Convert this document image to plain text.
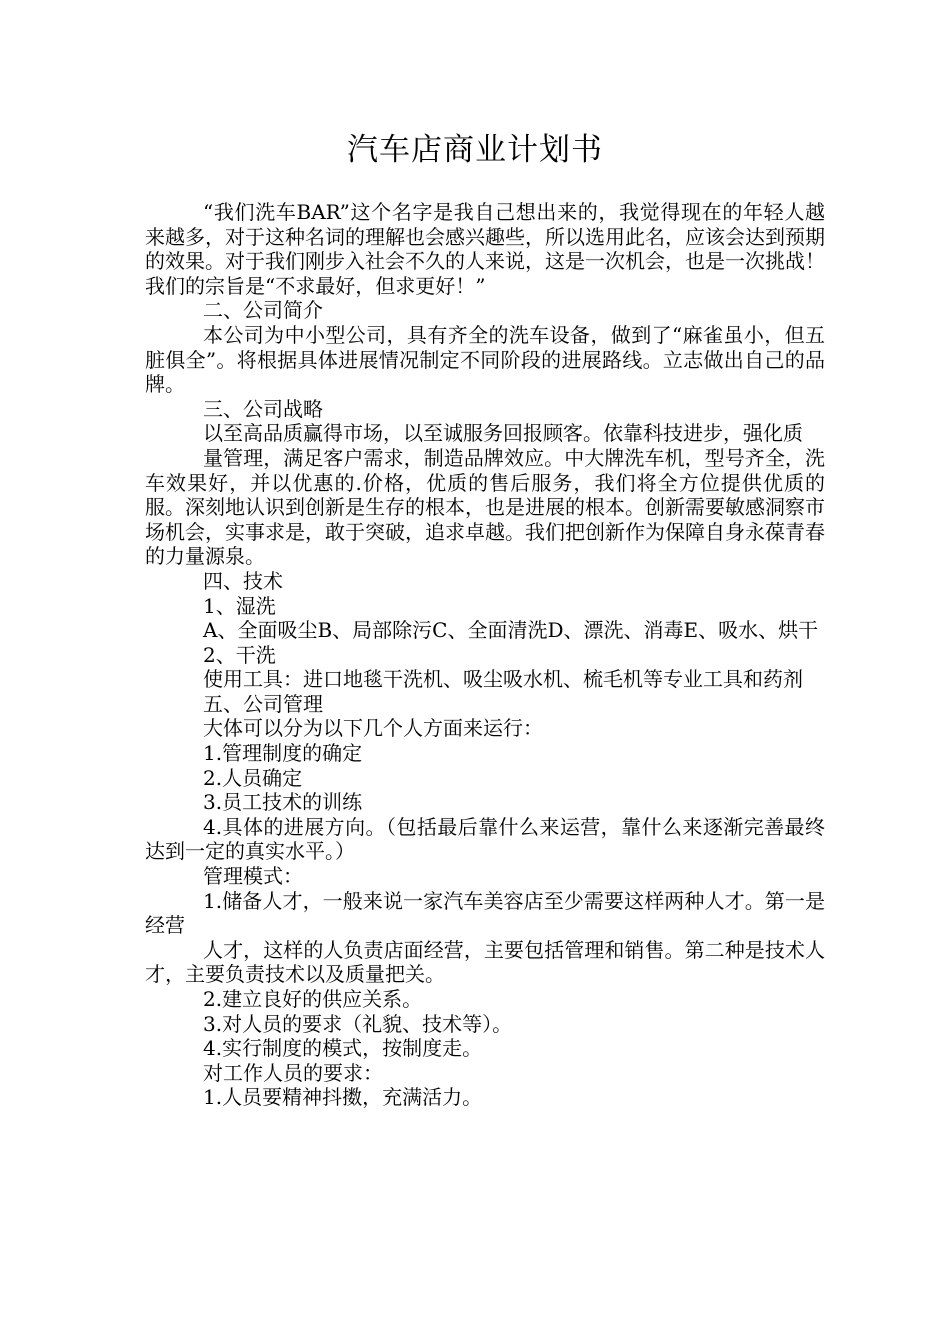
汽车店商业计划书

“我们洗车BAR”这个名字是我自己想出来的，我觉得现在的年轻人越来越多，对于这种名词的理解也会感兴趣些，所以选用此名，应该会达到预期的效果。对于我们刚步入社会不久的人来说，这是一次机会，也是一次挑战！我们的宗旨是“不求最好，但求更好！”

二、公司简介

本公司为中小型公司，具有齐全的洗车设备，做到了“麻雀虽小，但五脏俱全”。将根据具体进展情况制定不同阶段的进展路线。立志做出自己的品牌。

三、公司战略

以至高品质赢得市场，以至诚服务回报顾客。依靠科技进步，强化质

量管理，满足客户需求，制造品牌效应。中大牌洗车机，型号齐全，洗车效果好，并以优惠的.价格，优质的售后服务，我们将全方位提供优质的服。深刻地认识到创新是生存的根本，也是进展的根本。创新需要敏感洞察市场机会，实事求是，敢于突破，追求卓越。我们把创新作为保障自身永葆青春的力量源泉。

四、技术

1、湿洗

A、全面吸尘B、局部除污C、全面清洗D、漂洗、消毒E、吸水、烘干

2、干洗

使用工具：进口地毯干洗机、吸尘吸水机、梳毛机等专业工具和药剂

五、公司管理

大体可以分为以下几个人方面来运行：

1.管理制度的确定

2.人员确定

3.员工技术的训练

4.具体的进展方向。（包括最后靠什么来运营，靠什么来逐渐完善最终达到一定的真实水平。）

管理模式：

1.储备人才，一般来说一家汽车美容店至少需要这样两种人才。第一是经营

人才，这样的人负责店面经营，主要包括管理和销售。第二种是技术人才，主要负责技术以及质量把关。

2.建立良好的供应关系。

3.对人员的要求（礼貌、技术等）。

4.实行制度的模式，按制度走。

对工作人员的要求：

1.人员要精神抖擞，充满活力。
